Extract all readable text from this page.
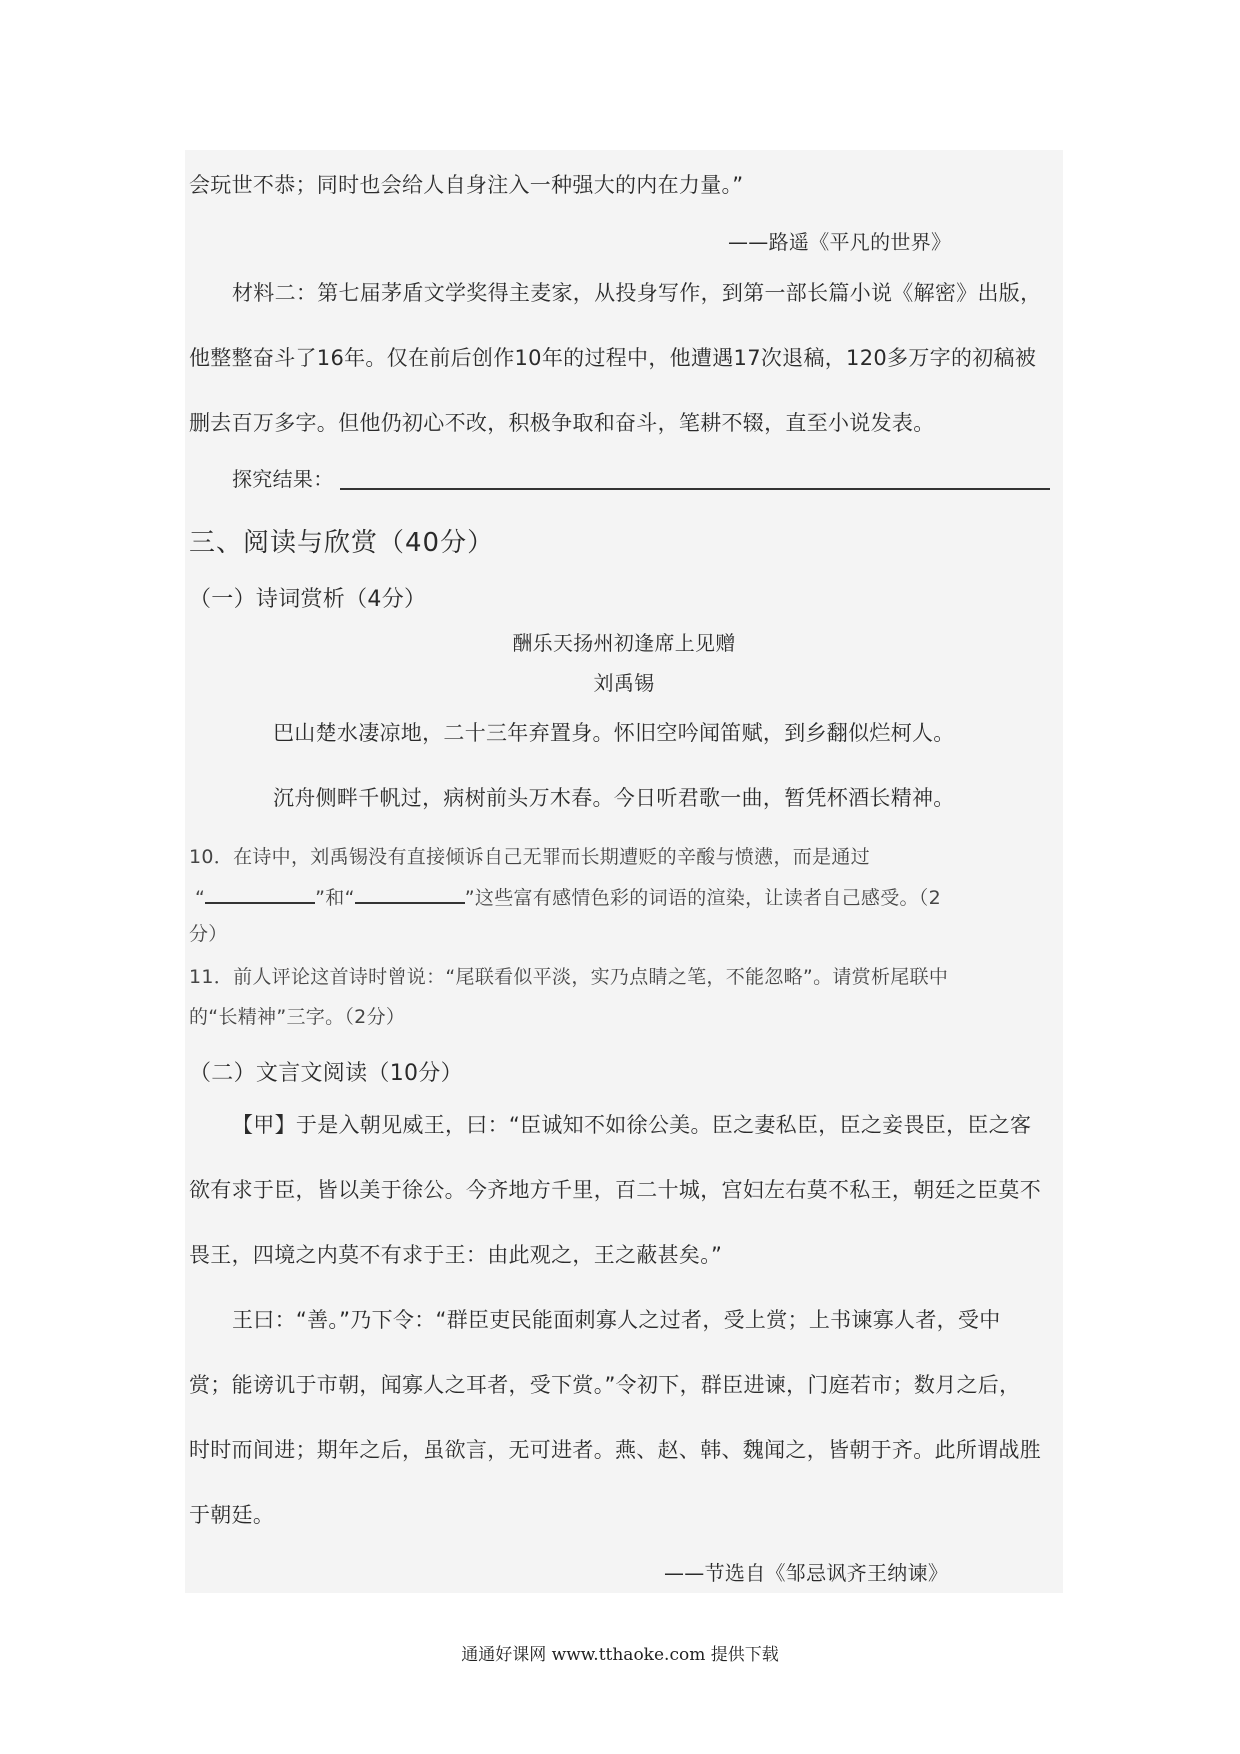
会玩世不恭；同时也会给人自身注入一种强大的内在力量。”
——路遥《平凡的世界》
材料二：第七届茅盾文学奖得主麦家，从投身写作，到第一部长篇小说《解密》出版，
他整整奋斗了16年。仅在前后创作10年的过程中，他遭遇17次退稿，120多万字的初稿被
删去百万多字。但他仍初心不改，积极争取和奋斗，笔耕不辍，直至小说发表。
探究结果：
三、阅读与欣赏（40分）
（一）诗词赏析（4分）
酬乐天扬州初逢席上见赠
刘禹锡
巴山楚水凄凉地，二十三年弃置身。怀旧空吟闻笛赋，到乡翻似烂柯人。
沉舟侧畔千帆过，病树前头万木春。今日听君歌一曲，暂凭杯酒长精神。
10．在诗中，刘禹锡没有直接倾诉自己无罪而长期遭贬的辛酸与愤懑，而是通过
“	”和“	”这些富有感情色彩的词语的渲染，让读者自己感受。（2
分）
11．前人评论这首诗时曾说：“尾联看似平淡，实乃点睛之笔，不能忽略”。请赏析尾联中
的“长精神”三字。（2分）
（二）文言文阅读（10分）
【甲】于是入朝见威王，曰：“臣诚知不如徐公美。臣之妻私臣，臣之妾畏臣，臣之客
欲有求于臣，皆以美于徐公。今齐地方千里，百二十城，宫妇左右莫不私王，朝廷之臣莫不
畏王，四境之内莫不有求于王：由此观之，王之蔽甚矣。”
王曰：“善。”乃下令：“群臣吏民能面刺寡人之过者，受上赏；上书谏寡人者，受中
赏；能谤讥于市朝，闻寡人之耳者，受下赏。”令初下，群臣进谏，门庭若市；数月之后，
时时而间进；期年之后，虽欲言，无可进者。燕、赵、韩、魏闻之，皆朝于齐。此所谓战胜
于朝廷。
——节选自《邹忌讽齐王纳谏》
通通好课网 www.tthaoke.com 提供下载
